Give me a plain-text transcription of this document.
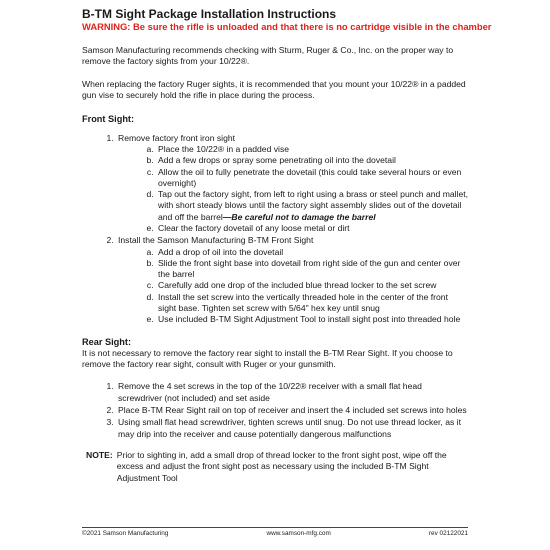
B-TM Sight Package Installation Instructions

WARNING: Be sure the rifle is unloaded and that there is no cartridge visible in the chamber

Samson Manufacturing recommends checking with Sturm, Ruger & Co., Inc. on the proper way to remove the factory sights from your 10/22®.

When replacing the factory Ruger sights, it is recommended that you mount your 10/22® in a padded gun vise to securely hold the rifle in place during the process.

Front Sight:
1. Remove factory front iron sight
a. Place the 10/22® in a padded vise
b. Add a few drops or spray some penetrating oil into the dovetail
c. Allow the oil to fully penetrate the dovetail (this could take several hours or even overnight)
d. Tap out the factory sight, from left to right using a brass or steel punch and mallet, with short steady blows until the factory sight assembly slides out of the dovetail and off the barrel—Be careful not to damage the barrel
e. Clear the factory dovetail of any loose metal or dirt
2. Install the Samson Manufacturing B-TM Front Sight
a. Add a drop of oil into the dovetail
b. Slide the front sight base into dovetail from right side of the gun and center over the barrel
c. Carefully add one drop of the included blue thread locker to the set screw
d. Install the set screw into the vertically threaded hole in the center of the front sight base. Tighten set screw with 5/64" hex key until snug
e. Use included B-TM Sight Adjustment Tool to install sight post into threaded hole
Rear Sight:

It is not necessary to remove the factory rear sight to install the B-TM Rear Sight. If you choose to remove the factory rear sight, consult with Ruger or your gunsmith.

1. Remove the 4 set screws in the top of the 10/22® receiver with a small flat head screwdriver (not included) and set aside
2. Place B-TM Rear Sight rail on top of receiver and insert the 4 included set screws into holes
3. Using small flat head screwdriver, tighten screws until snug. Do not use thread locker, as it may drip into the receiver and cause potentially dangerous malfunctions
NOTE: Prior to sighting in, add a small drop of thread locker to the front sight post, wipe off the excess and adjust the front sight post as necessary using the included B-TM Sight Adjustment Tool
©2021 Samson Manufacturing	www.samson-mfg.com	rev 02122021
